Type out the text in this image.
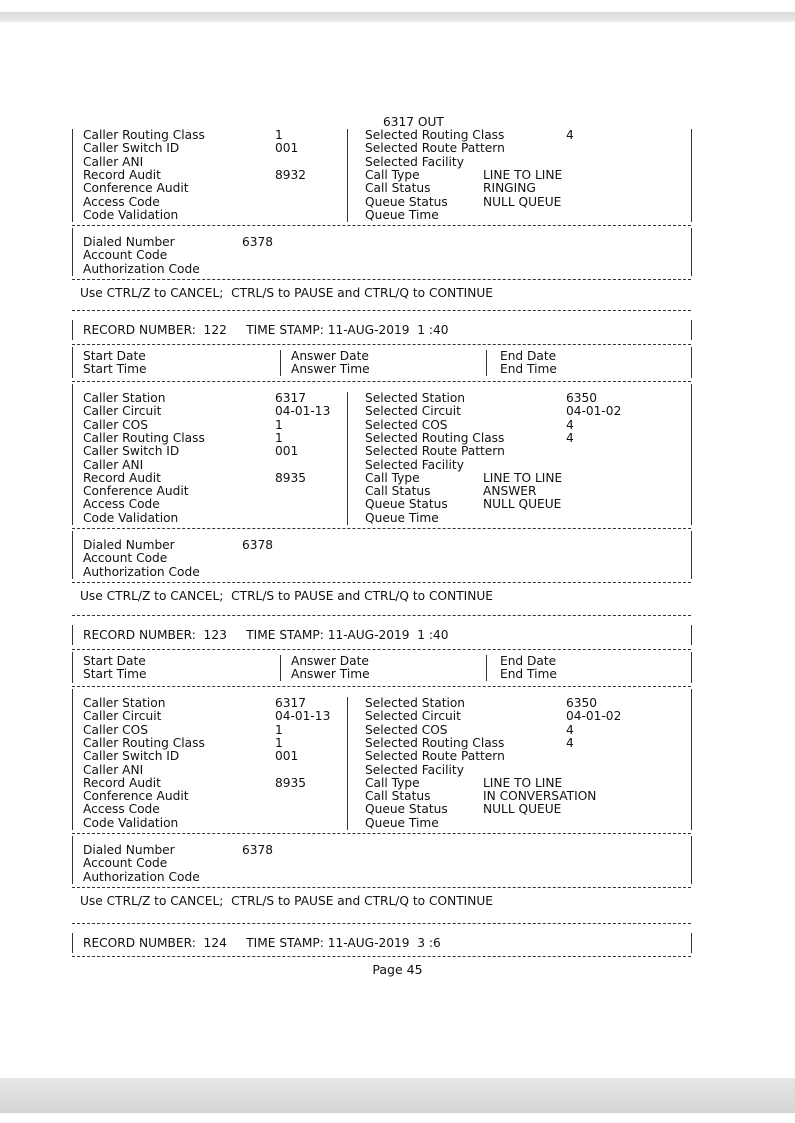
6317 OUT
Caller Routing Class	1	Selected Routing Class	4
Caller Switch ID	001	Selected Route Pattern
Caller ANI	Selected Facility
Record Audit	8932	Call Type	LINE TO LINE
Conference Audit	Call Status	RINGING
Access Code	Queue Status	NULL QUEUE
Code Validation	Queue Time
Dialed Number	6378
Account Code
Authorization Code
Use CTRL/Z to CANCEL;  CTRL/S to PAUSE and CTRL/Q to CONTINUE
RECORD NUMBER:  122     TIME STAMP: 11-AUG-2019  1 :40
Start Date	Answer Date	End Date
Start Time	Answer Time	End Time
Caller Station	6317	Selected Station	6350
Caller Circuit	04-01-13	Selected Circuit	04-01-02
Caller COS	1	Selected COS	4
Caller Routing Class	1	Selected Routing Class	4
Caller Switch ID	001	Selected Route Pattern
Caller ANI	Selected Facility
Record Audit	8935	Call Type	LINE TO LINE
Conference Audit	Call Status	ANSWER
Access Code	Queue Status	NULL QUEUE
Code Validation	Queue Time
Dialed Number	6378
Account Code
Authorization Code
Use CTRL/Z to CANCEL;  CTRL/S to PAUSE and CTRL/Q to CONTINUE
RECORD NUMBER:  123     TIME STAMP: 11-AUG-2019  1 :40
Start Date	Answer Date	End Date
Start Time	Answer Time	End Time
Caller Station	6317	Selected Station	6350
Caller Circuit	04-01-13	Selected Circuit	04-01-02
Caller COS	1	Selected COS	4
Caller Routing Class	1	Selected Routing Class	4
Caller Switch ID	001	Selected Route Pattern
Caller ANI	Selected Facility
Record Audit	8935	Call Type	LINE TO LINE
Conference Audit	Call Status	IN CONVERSATION
Access Code	Queue Status	NULL QUEUE
Code Validation	Queue Time
Dialed Number	6378
Account Code
Authorization Code
Use CTRL/Z to CANCEL;  CTRL/S to PAUSE and CTRL/Q to CONTINUE
RECORD NUMBER:  124     TIME STAMP: 11-AUG-2019  3 :6
Page 45
